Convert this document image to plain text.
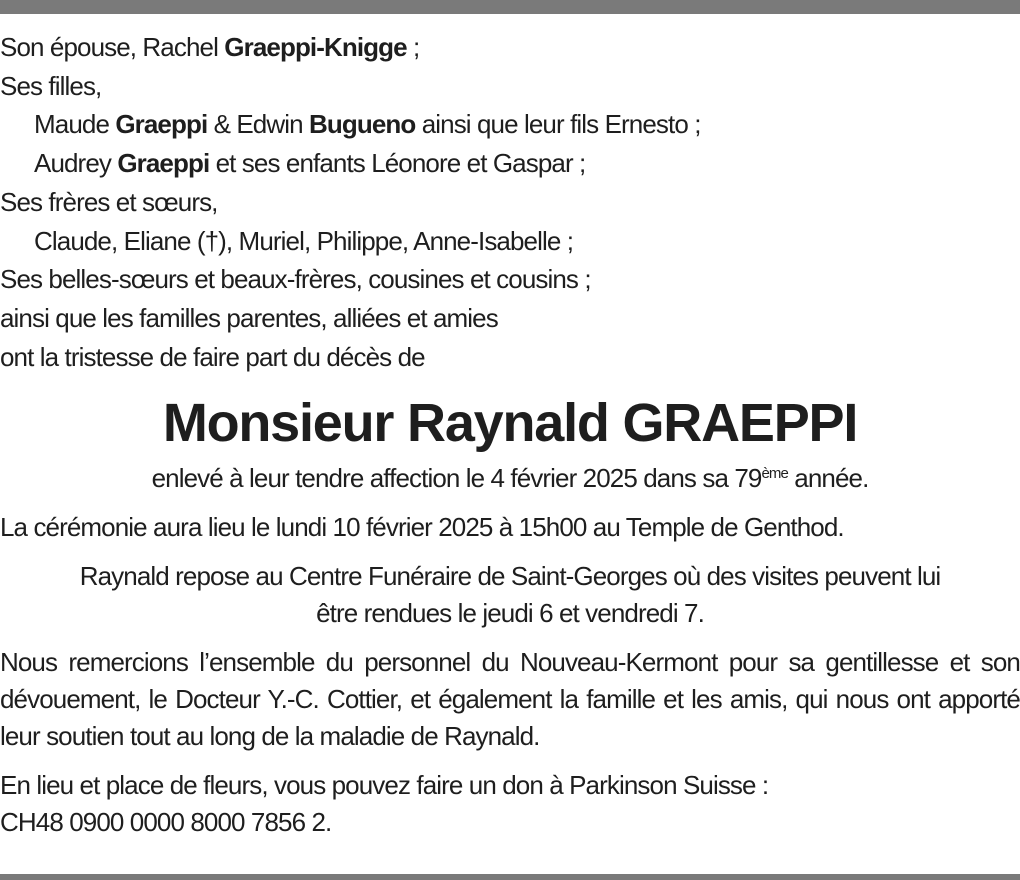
Son épouse, Rachel Graeppi-Knigge ;
Ses filles,
Maude Graeppi & Edwin Bugueno ainsi que leur fils Ernesto ;
Audrey Graeppi et ses enfants Léonore et Gaspar ;
Ses frères et sœurs,
Claude, Eliane (†), Muriel, Philippe, Anne-Isabelle ;
Ses belles-sœurs et beaux-frères, cousines et cousins ;
ainsi que les familles parentes, alliées et amies
ont la tristesse de faire part du décès de
Monsieur Raynald GRAEPPI
enlevé à leur tendre affection le 4 février 2025 dans sa 79ème année.
La cérémonie aura lieu le lundi 10 février 2025 à 15h00 au Temple de Genthod.
Raynald repose au Centre Funéraire de Saint-Georges où des visites peuvent lui
être rendues le jeudi 6 et vendredi 7.
Nous remercions l’ensemble du personnel du Nouveau-Kermont pour sa gentillesse et son dévouement, le Docteur Y.-C. Cottier, et également la famille et les amis, qui nous ont apporté leur soutien tout au long de la maladie de Raynald.
En lieu et place de fleurs, vous pouvez faire un don à Parkinson Suisse :
CH48 0900 0000 8000 7856 2.
